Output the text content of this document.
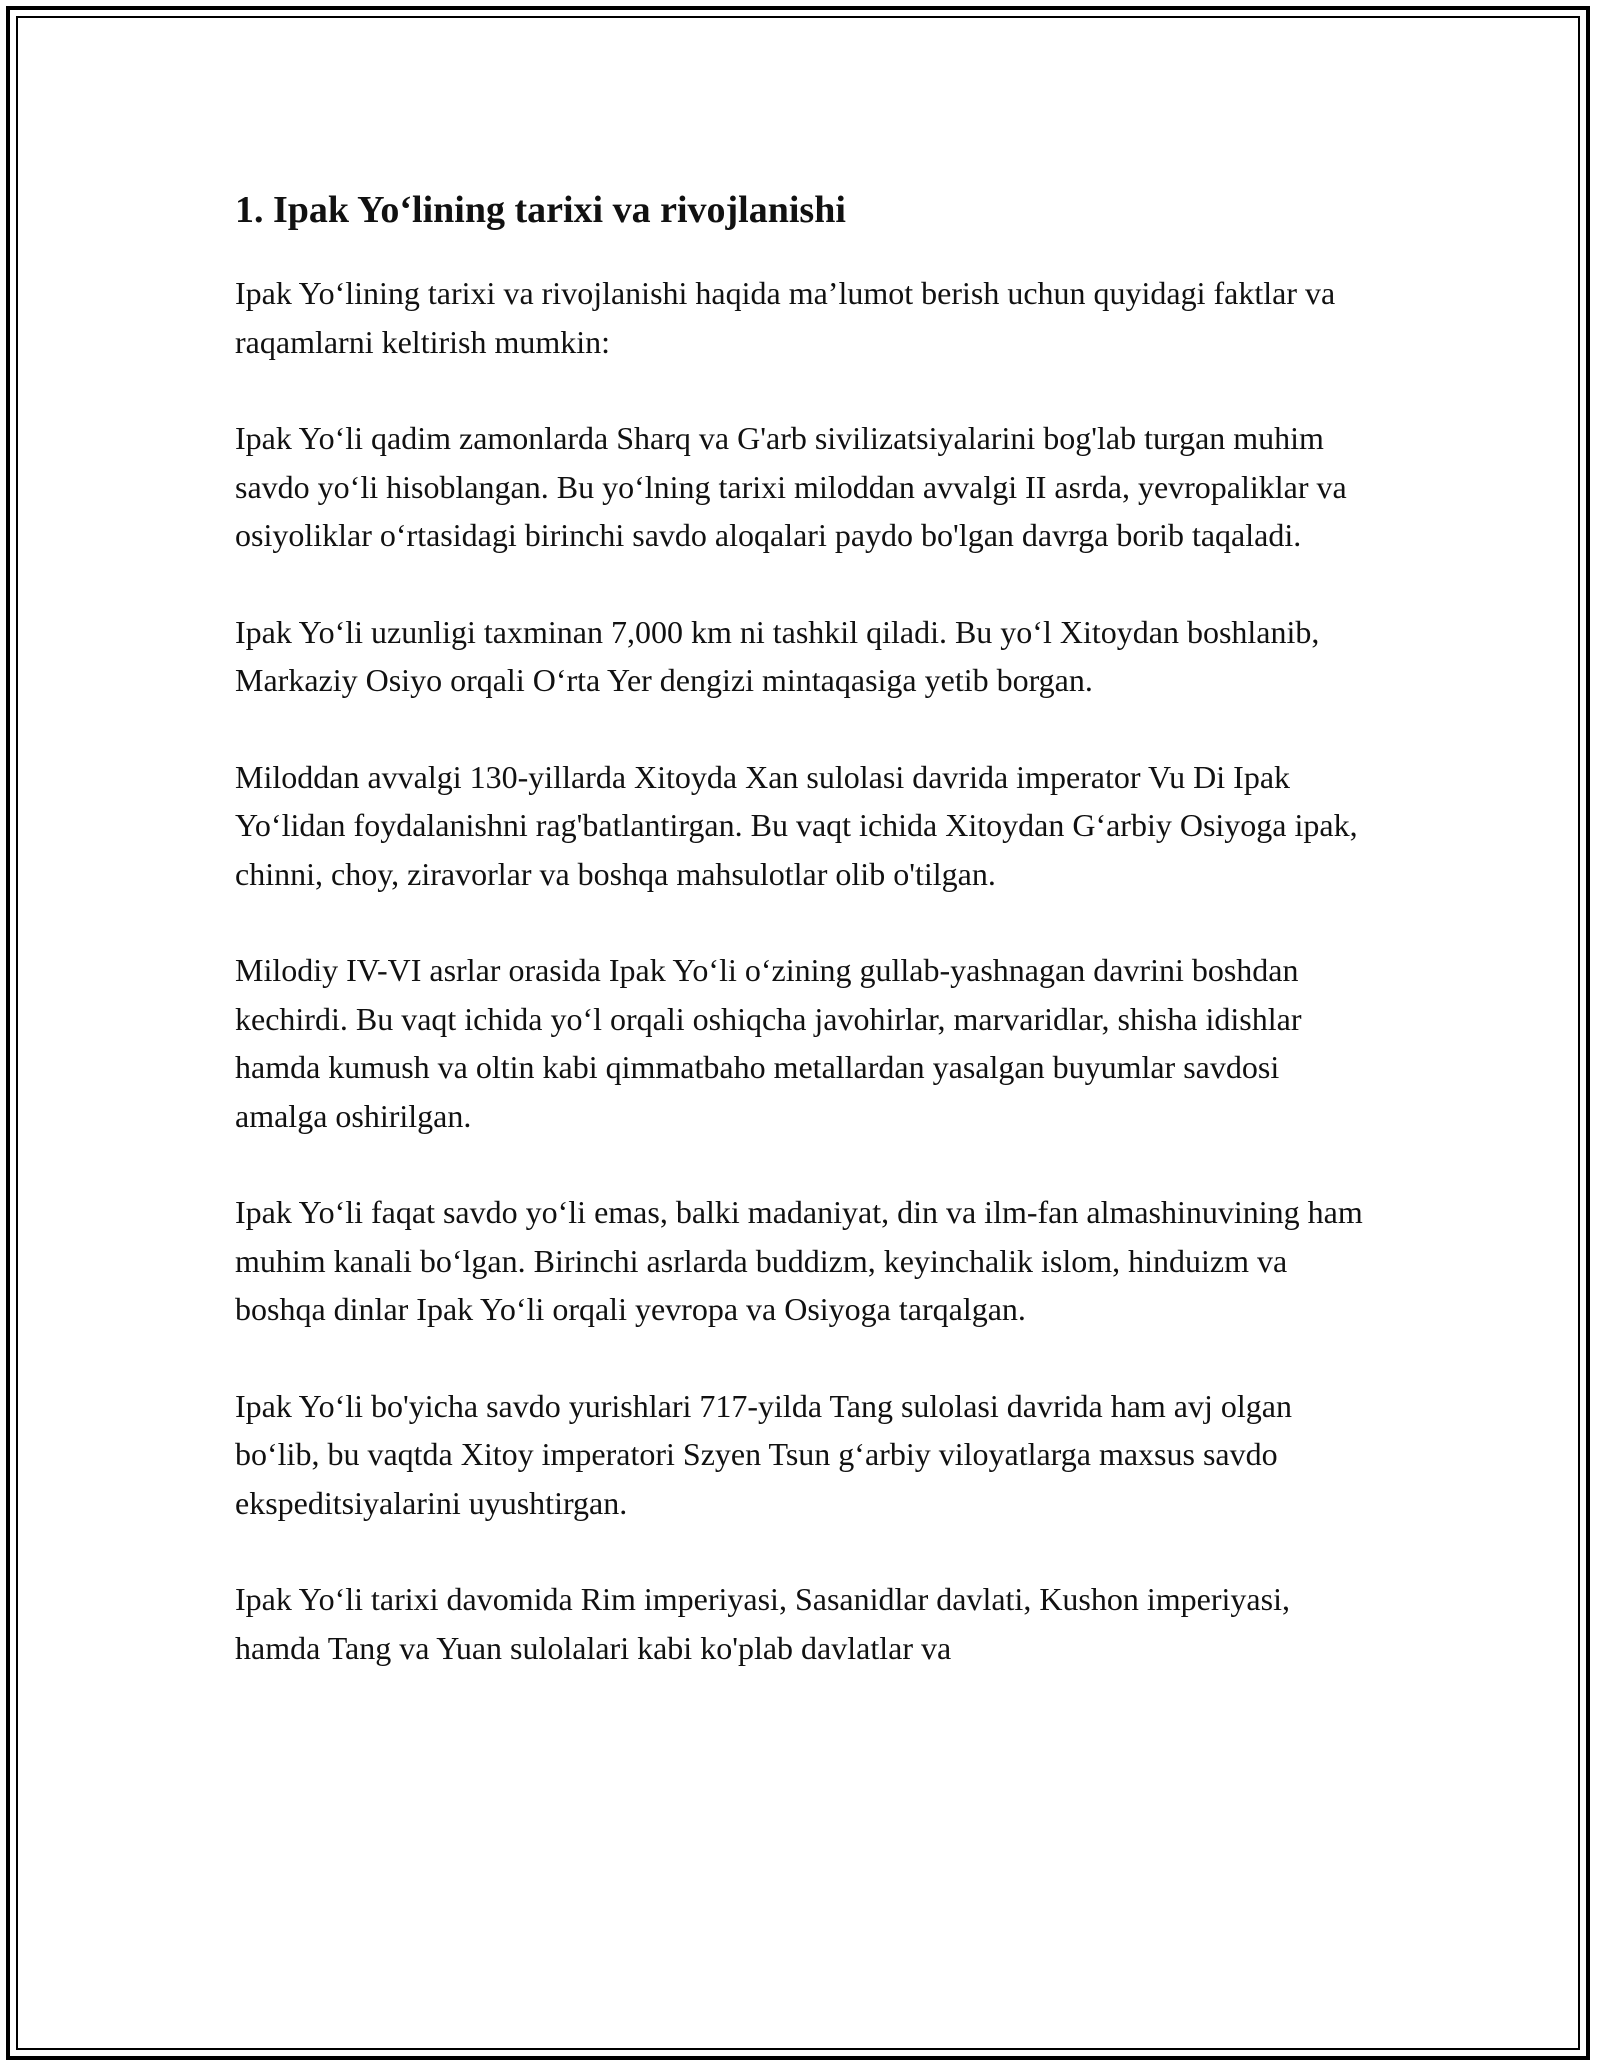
1. Ipak Yo‘lining tarixi va rivojlanishi

Ipak Yo‘lining tarixi va rivojlanishi haqida ma’lumot berish uchun quyidagi faktlar va raqamlarni keltirish mumkin:

Ipak Yo‘li qadim zamonlarda Sharq va G'arb sivilizatsiyalarini bog'lab turgan muhim savdo yo‘li hisoblangan. Bu yo‘lning tarixi miloddan avvalgi II asrda, yevropaliklar va osiyoliklar o‘rtasidagi birinchi savdo aloqalari paydo bo'lgan davrga borib taqaladi.

Ipak Yo‘li uzunligi taxminan 7,000 km ni tashkil qiladi. Bu yo‘l Xitoydan boshlanib, Markaziy Osiyo orqali O‘rta Yer dengizi mintaqasiga yetib borgan.

Miloddan avvalgi 130-yillarda Xitoyda Xan sulolasi davrida imperator Vu Di Ipak Yo‘lidan foydalanishni rag'batlantirgan. Bu vaqt ichida Xitoydan G‘arbiy Osiyoga ipak, chinni, choy, ziravorlar va boshqa mahsulotlar olib o'tilgan.

Milodiy IV-VI asrlar orasida Ipak Yo‘li o‘zining gullab-yashnagan davrini boshdan kechirdi. Bu vaqt ichida yo‘l orqali oshiqcha javohirlar, marvaridlar, shisha idishlar hamda kumush va oltin kabi qimmatbaho metallardan yasalgan buyumlar savdosi amalga oshirilgan.

Ipak Yo‘li faqat savdo yo‘li emas, balki madaniyat, din va ilm-fan almashinuvining ham muhim kanali bo‘lgan. Birinchi asrlarda buddizm, keyinchalik islom, hinduizm va boshqa dinlar Ipak Yo‘li orqali yevropa va Osiyoga tarqalgan.

Ipak Yo‘li bo'yicha savdo yurishlari 717-yilda Tang sulolasi davrida ham avj olgan bo‘lib, bu vaqtda Xitoy imperatori Szyen Tsun g‘arbiy viloyatlarga maxsus savdo ekspeditsiyalarini uyushtirgan.

Ipak Yo‘li tarixi davomida Rim imperiyasi, Sasanidlar davlati, Kushon imperiyasi, hamda Tang va Yuan sulolalari kabi ko'plab davlatlar va
